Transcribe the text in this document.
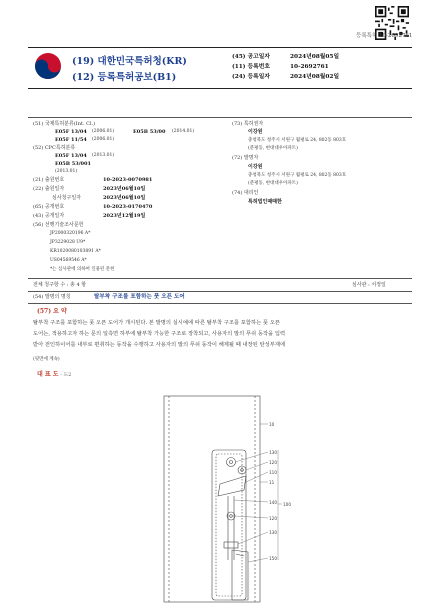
등록특허 10-2692761
(19) 대한민국특허청(KR)
(12) 등록특허공보(B1)
(45) 공고일자	2024년08월05일
(11) 등록번호	10-2692761
(24) 등록일자	2024년08월02일
(51) 국제특허분류(Int. Cl.)
E05F 13/04 (2006.01)	E05B 53/00 (2014.01)
E05F 11/54 (2006.01)
(52) CPC특허분류
E05F 13/04 (2013.01)
E05B 53/001
(2013.01)
(21) 출원번호	10-2023-0070981
(22) 출원일자	2023년06월10일
심사청구일자	2023년06월10일
(65) 공개번호	10-2023-0170470
(43) 공개일자	2023년12월19일
(56) 선행기술조사문헌
JP2000320196 A*
JP3229028 U9*
KR1020080103891 A*
US04569546 A*
*는 심사관에 의하여 인용된 문헌
(73) 특허권자
이강원
충청북도 청주시 서원구 월평로 24, 802동 803호
(분평동, 현대대우아파트)
(72) 발명자
이강원
충청북도 청주시 서원구 월평로 24, 802동 803호
(분평동, 현대대우아파트)
(74) 대리인
특허법인때때한
전체 청구항 수 : 총 4 항	심사관 : 서정일
(54) 발명의 명칭	탈부착 구조를 포함하는 풋 오픈 도어
(57) 요 약
탈부착 구조를 포함하는 풋 오픈 도어가 개시된다. 본 발명의 실시예에 따른 탈부착 구조를 포함하는 풋 오픈
도어는, 적용하고자 하는 문의 일측면 하부에 탈부착 가능한 구조로 장착되고, 사용자의 발의 푸쉬 동작을 입력
받아 전인하이어를 내부로 편취하는 동작을 수행하고 사용자의 발의 푸쉬 동작이 해제될 때 내장된 탄성부재에
(뒷면에 계속)
대 표 도 - 도2
10
130
120
110
11
140 100
120
130
150
